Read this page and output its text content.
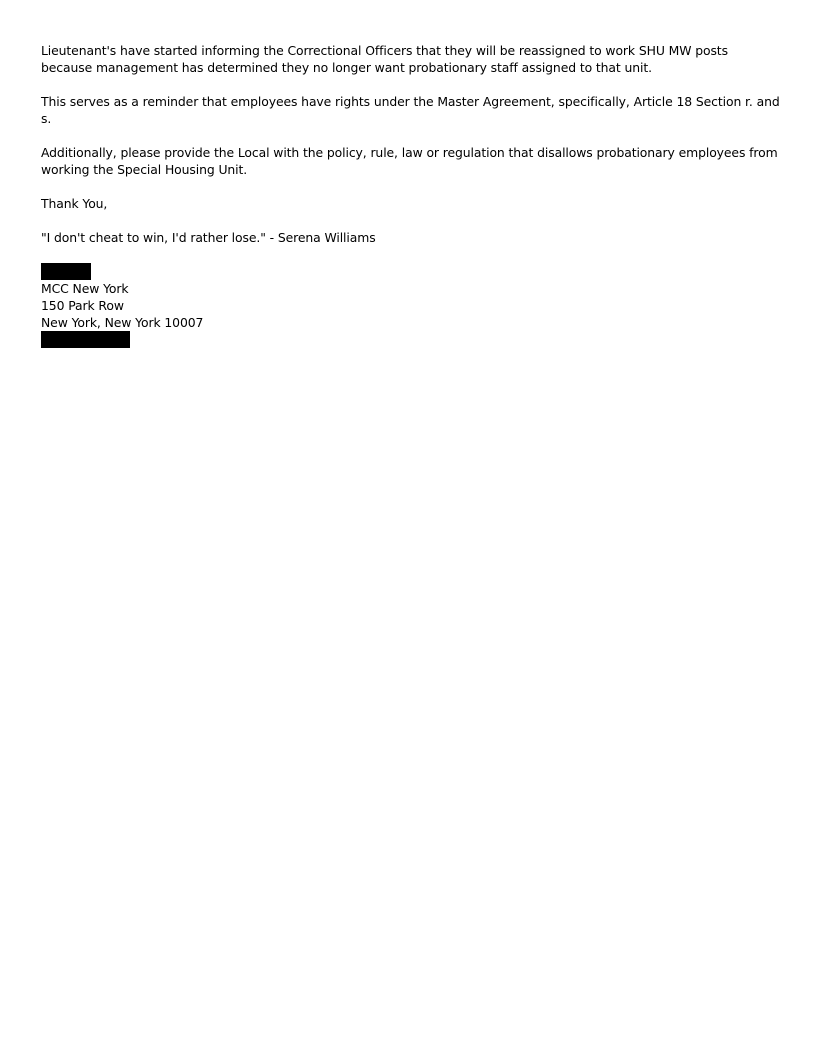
Lieutenant's have started informing the Correctional Officers that they will be reassigned to work SHU MW posts because management has determined they no longer want probationary staff assigned to that unit.

This serves as a reminder that employees have rights under the Master Agreement, specifically, Article 18 Section r. and s.

Additionally, please provide the Local with the policy, rule, law or regulation that disallows probationary employees from working the Special Housing Unit.

Thank You,

"I don't cheat to win, I'd rather lose." - Serena Williams

MCC New York
150 Park Row
New York, New York 10007
